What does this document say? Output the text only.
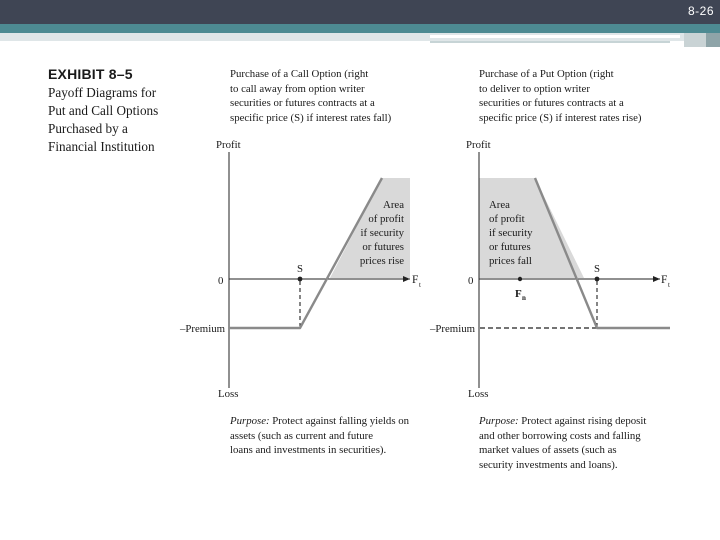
8-26
EXHIBIT 8–5
Payoff Diagrams for
Put and Call Options
Purchased by a
Financial Institution
Purchase of a Call Option (right
to call away from option writer
securities or futures contracts at a
specific price (S) if interest rates fall)
Purchase of a Put Option (right
to deliver to option writer
securities or futures contracts at a
specific price (S) if interest rates rise)
Profit
Loss
0
–Premium
S
F t
Area
of profit
if security
or futures
prices rise
Profit
Loss
0
–Premium
S
F t
F n
Area
of profit
if security
or futures
prices fall
Purpose: Protect against falling yields on
assets (such as current and future
loans and investments in securities).
Purpose: Protect against rising deposit
and other borrowing costs and falling
market values of assets (such as
security investments and loans).
